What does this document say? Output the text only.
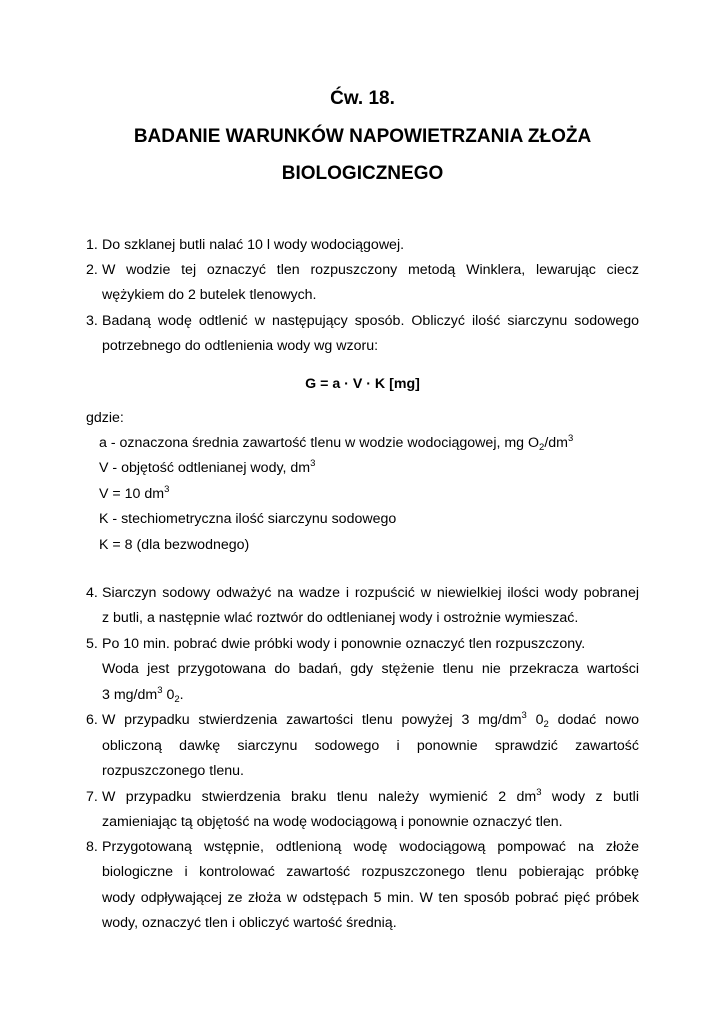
Ćw. 18.
BADANIE WARUNKÓW NAPOWIETRZANIA ZŁOŻA
BIOLOGICZNEGO
1. Do szklanej butli nalać 10 l wody wodociągowej.
2. W wodzie tej oznaczyć tlen rozpuszczony metodą Winklera, lewarując ciecz
wężykiem do 2 butelek tlenowych.
3. Badaną wodę odtlenić w następujący sposób. Obliczyć ilość siarczynu sodowego
potrzebnego do odtlenienia wody wg wzoru:
G = a · V · K [mg]
gdzie:
a - oznaczona średnia zawartość tlenu w wodzie wodociągowej, mg $O_2/dm^3$
V - objętość odtlenianej wody, $dm^3$
V = 10 $dm^3$
K - stechiometryczna ilość siarczynu sodowego
K = 8 (dla bezwodnego)
4. Siarczyn sodowy odważyć na wadze i rozpuścić w niewielkiej ilości wody pobranej
z butli, a następnie wlać roztwór do odtlenianej wody i ostrożnie wymieszać.
5. Po 10 min. pobrać dwie próbki wody i ponownie oznaczyć tlen rozpuszczony.
Woda jest przygotowana do badań, gdy stężenie tlenu nie przekracza wartości
3 $mg/dm^3$ $0_2$.
6. W przypadku stwierdzenia zawartości tlenu powyżej 3 $mg/dm^3$ $0_2$ dodać nowo
obliczoną dawkę siarczynu sodowego i ponownie sprawdzić zawartość
rozpuszczonego tlenu.
7. W przypadku stwierdzenia braku tlenu należy wymienić 2 $dm^3$ wody z butli
zamieniając tą objętość na wodę wodociągową i ponownie oznaczyć tlen.
8. Przygotowaną wstępnie, odtlenioną wodę wodociągową pompować na złoże
biologiczne i kontrolować zawartość rozpuszczonego tlenu pobierając próbkę
wody odpływającej ze złoża w odstępach 5 min. W ten sposób pobrać pięć próbek
wody, oznaczyć tlen i obliczyć wartość średnią.
